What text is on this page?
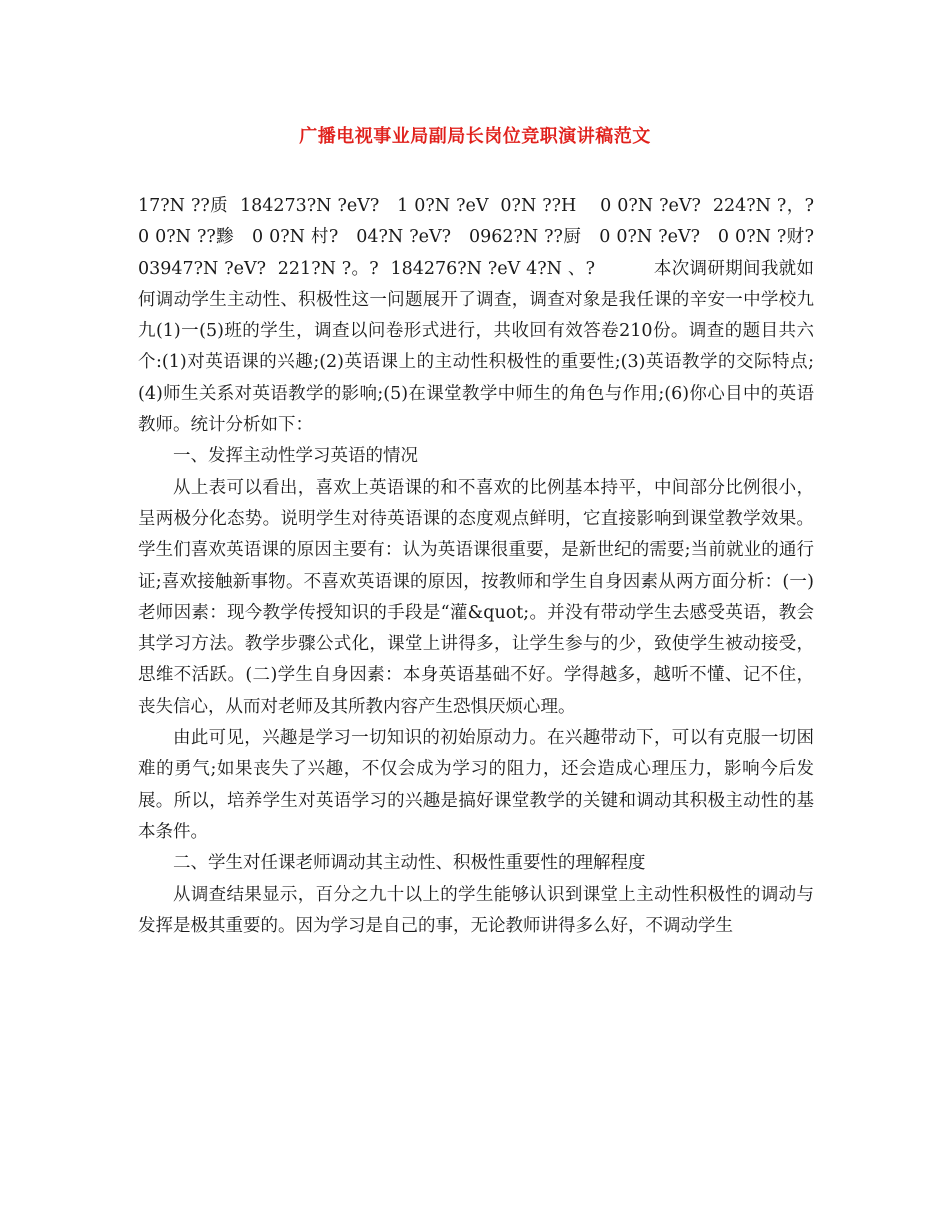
广播电视事业局副局长岗位竞职演讲稿范文

17?N ??质  184273?N ?eV?   1 0?N ?eV  0?N ??H    0 0?N ?eV?  224?N ?，?0 0?N ??黪   0 0?N 村?   04?N ?eV?   0962?N ??厨   0 0?N ?eV?   0 0?N ?财?   03947?N ?eV?  221?N ?。?  184276?N ?eV 4?N 、?          本次调研期间我就如何调动学生主动性、积极性这一问题展开了调查，调查对象是我任课的辛安一中学校九九(1)一(5)班的学生，调查以问卷形式进行，共收回有效答卷210份。调查的题目共六个:(1)对英语课的兴趣;(2)英语课上的主动性积极性的重要性;(3)英语教学的交际特点;(4)师生关系对英语教学的影响;(5)在课堂教学中师生的角色与作用;(6)你心目中的英语教师。统计分析如下：

一、发挥主动性学习英语的情况

从上表可以看出，喜欢上英语课的和不喜欢的比例基本持平，中间部分比例很小，呈两极分化态势。说明学生对待英语课的态度观点鲜明，它直接影响到课堂教学效果。学生们喜欢英语课的原因主要有：认为英语课很重要，是新世纪的需要;当前就业的通行证;喜欢接触新事物。不喜欢英语课的原因，按教师和学生自身因素从两方面分析：(一)老师因素：现今教学传授知识的手段是“灌&quot;。并没有带动学生去感受英语，教会其学习方法。教学步骤公式化，课堂上讲得多，让学生参与的少，致使学生被动接受，思维不活跃。(二)学生自身因素：本身英语基础不好。学得越多，越听不懂、记不住，丧失信心，从而对老师及其所教内容产生恐惧厌烦心理。

由此可见，兴趣是学习一切知识的初始原动力。在兴趣带动下，可以有克服一切困难的勇气;如果丧失了兴趣，不仅会成为学习的阻力，还会造成心理压力，影响今后发展。所以，培养学生对英语学习的兴趣是搞好课堂教学的关键和调动其积极主动性的基本条件。

二、学生对任课老师调动其主动性、积极性重要性的理解程度

从调查结果显示，百分之九十以上的学生能够认识到课堂上主动性积极性的调动与发挥是极其重要的。因为学习是自己的事，无论教师讲得多么好，不调动学生
